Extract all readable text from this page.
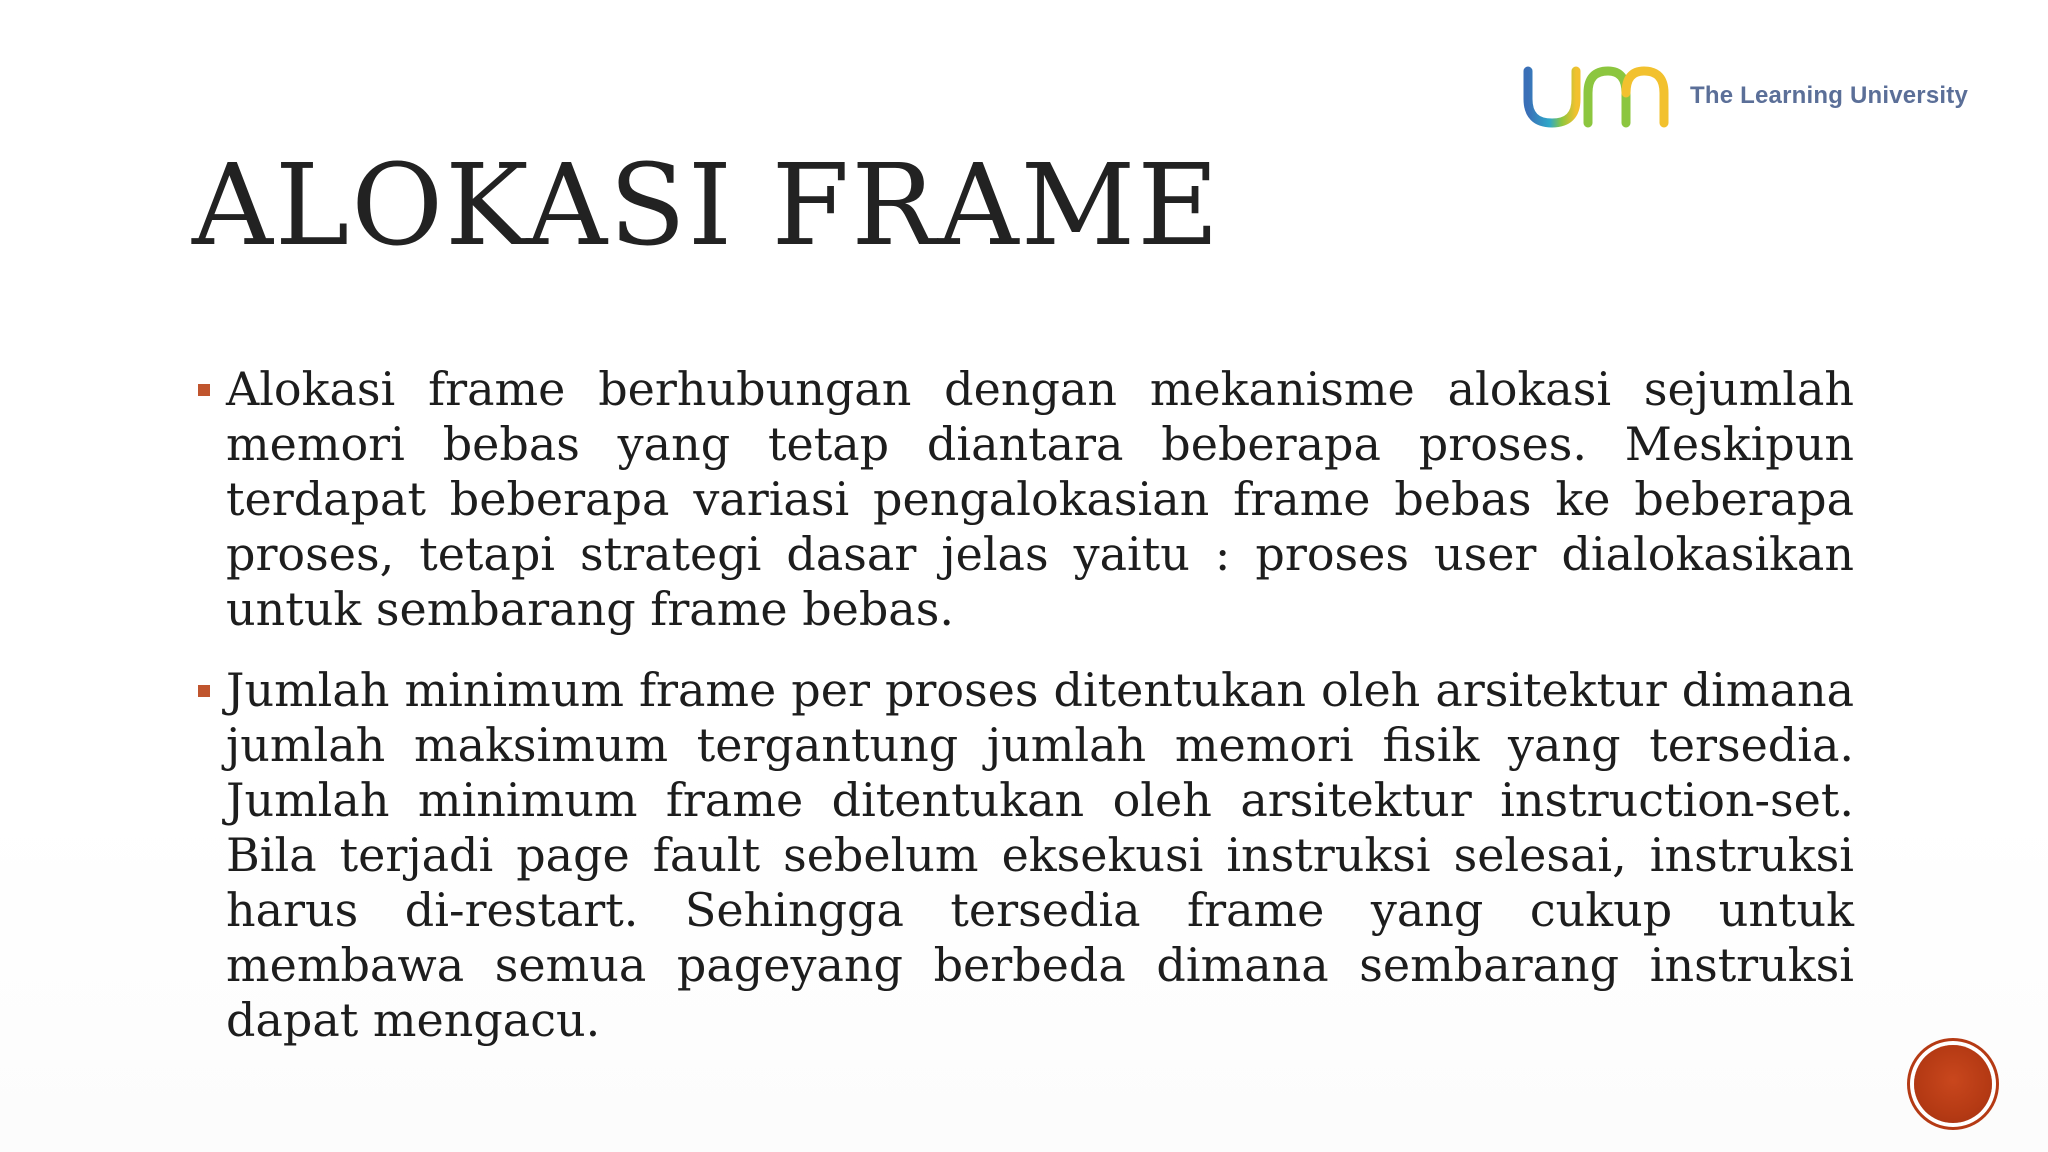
The Learning University
ALOKASI FRAME
Alokasi frame berhubungan dengan mekanisme alokasi sejumlah memori bebas yang tetap diantara beberapa proses. Meskipun terdapat beberapa variasi pengalokasian frame bebas ke beberapa proses, tetapi strategi dasar jelas yaitu : proses user dialokasikan untuk sembarang frame bebas.
Jumlah minimum frame per proses ditentukan oleh arsitektur dimana jumlah maksimum tergantung jumlah memori fisik yang tersedia. Jumlah minimum frame ditentukan oleh arsitektur instruction-set. Bila terjadi page fault sebelum eksekusi instruksi selesai, instruksi harus di-restart. Sehingga tersedia frame yang cukup untuk membawa semua pageyang berbeda dimana sembarang instruksi dapat mengacu.
